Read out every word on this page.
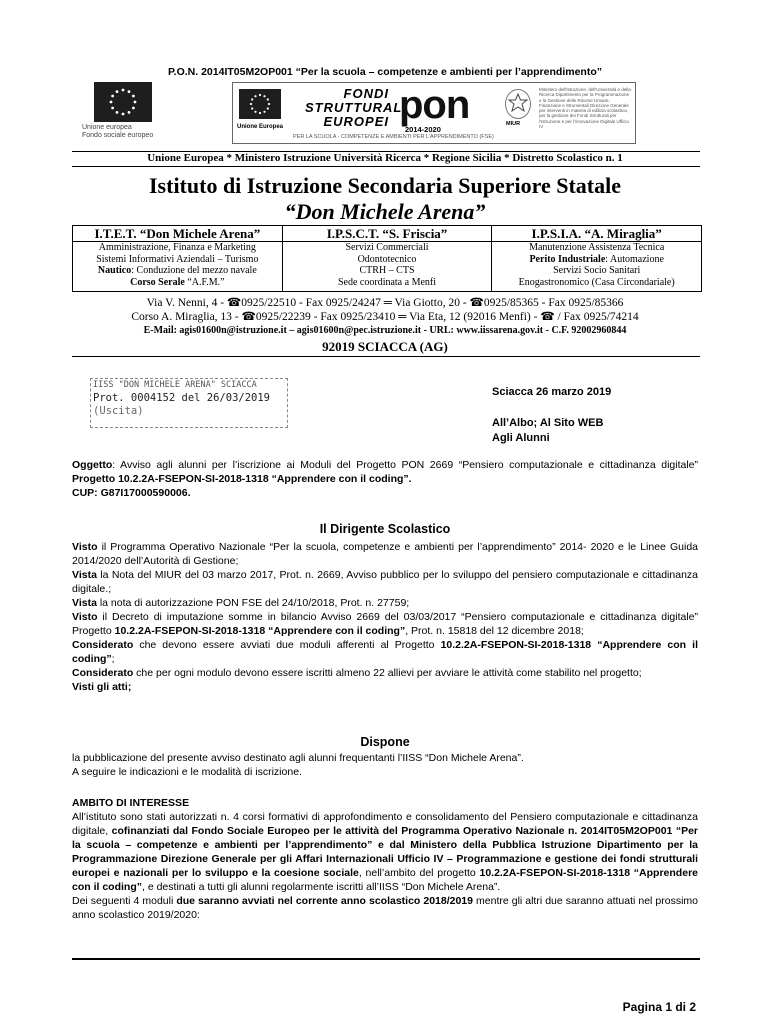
P.O.N. 2014IT05M2OP001 “Per la scuola – competenze e ambienti per l’apprendimento”
Unione europea
Fondo sociale europeo
Unione Europea
FONDI
STRUTTURALI
EUROPEI pon
2014-2020
PER LA SCUOLA - COMPETENZE E AMBIENTI PER L'APPRENDIMENTO (FSE)
MIUR
Ministero dell'Istruzione, dell'Università e della Ricerca Dipartimento per la Programmazione e la Gestione delle Risorse Umane, Finanziarie e Strumentali Direzione Generale per interventi in materia di edilizia scolastica, per la gestione dei Fondi Strutturali per l'Istruzione e per l'innovazione Digitale Ufficio IV
Unione Europea * Ministero Istruzione Università Ricerca * Regione Sicilia * Distretto Scolastico n. 1
Istituto di Istruzione Secondaria Superiore Statale
“Don Michele Arena”
I.T.E.T. “Don Michele Arena”
Amministrazione, Finanza e Marketing
Sistemi Informativi Aziendali – Turismo
Nautico: Conduzione del mezzo navale
Corso Serale “A.F.M.”
I.P.S.C.T. “S. Friscia”
Servizi Commerciali
Odontotecnico
CTRH – CTS
Sede coordinata a Menfi
I.P.S.I.A. “A. Miraglia”
Manutenzione Assistenza Tecnica
Perito Industriale: Automazione
Servizi Socio Sanitari
Enogastronomico (Casa Circondariale)
Via V. Nenni, 4 - ☎0925/22510 - Fax 0925/24247 ═ Via Giotto, 20 - ☎0925/85365 - Fax 0925/85366
Corso A. Miraglia, 13 - ☎0925/22239 - Fax 0925/23410 ═ Via Eta, 12 (92016 Menfi) - ☎ / Fax 0925/74214
E-Mail: agis01600n@istruzione.it – agis01600n@pec.istruzione.it - URL: www.iissarena.gov.it - C.F. 92002960844
92019 SCIACCA (AG)
IISS "DON MICHELE ARENA" SCIACCA
Prot. 0004152 del 26/03/2019
(Uscita)
Sciacca 26 marzo 2019
All’Albo; Al Sito WEB
Agli Alunni
Oggetto: Avviso agli alunni per l’iscrizione ai Moduli del Progetto PON 2669 “Pensiero computazionale e cittadinanza digitale” Progetto 10.2.2A-FSEPON-SI-2018-1318 “Apprendere con il coding”.
CUP: G87I17000590006.
Il Dirigente Scolastico
Visto il Programma Operativo Nazionale “Per la scuola, competenze e ambienti per l’apprendimento” 2014- 2020 e le Linee Guida 2014/2020 dell’Autorità di Gestione;
Vista la Nota del MIUR del 03 marzo 2017, Prot. n. 2669, Avviso pubblico per lo sviluppo del pensiero computazionale e cittadinanza digitale.;
Vista la nota di autorizzazione PON FSE del 24/10/2018, Prot. n. 27759;
Visto il Decreto di imputazione somme in bilancio Avviso 2669 del 03/03/2017 “Pensiero computazionale e cittadinanza digitale” Progetto 10.2.2A-FSEPON-SI-2018-1318 “Apprendere con il coding”, Prot. n. 15818 del 12 dicembre 2018;
Considerato che devono essere avviati due moduli afferenti al Progetto 10.2.2A-FSEPON-SI-2018-1318 “Apprendere con il coding”;
Considerato che per ogni modulo devono essere iscritti almeno 22 allievi per avviare le attività come stabilito nel progetto;
Visti gli atti;
Dispone
la pubblicazione del presente avviso destinato agli alunni frequentanti l’IISS “Don Michele Arena”.
A seguire le indicazioni e le modalità di iscrizione.
AMBITO DI INTERESSE
All’istituto sono stati autorizzati n. 4 corsi formativi di approfondimento e consolidamento del Pensiero computazionale e cittadinanza digitale, cofinanziati dal Fondo Sociale Europeo per le attività del Programma Operativo Nazionale n. 2014IT05M2OP001 “Per la scuola – competenze e ambienti per l’apprendimento” e dal Ministero della Pubblica Istruzione Dipartimento per la Programmazione Direzione Generale per gli Affari Internazionali Ufficio IV – Programmazione e gestione dei fondi strutturali europei e nazionali per lo sviluppo e la coesione sociale, nell’ambito del progetto 10.2.2A-FSEPON-SI-2018-1318 “Apprendere con il coding”, e destinati a tutti gli alunni regolarmente iscritti all’IISS “Don Michele Arena”.
Dei seguenti 4 moduli due saranno avviati nel corrente anno scolastico 2018/2019 mentre gli altri due saranno attuati nel prossimo anno scolastico 2019/2020:
Pagina 1 di 2
